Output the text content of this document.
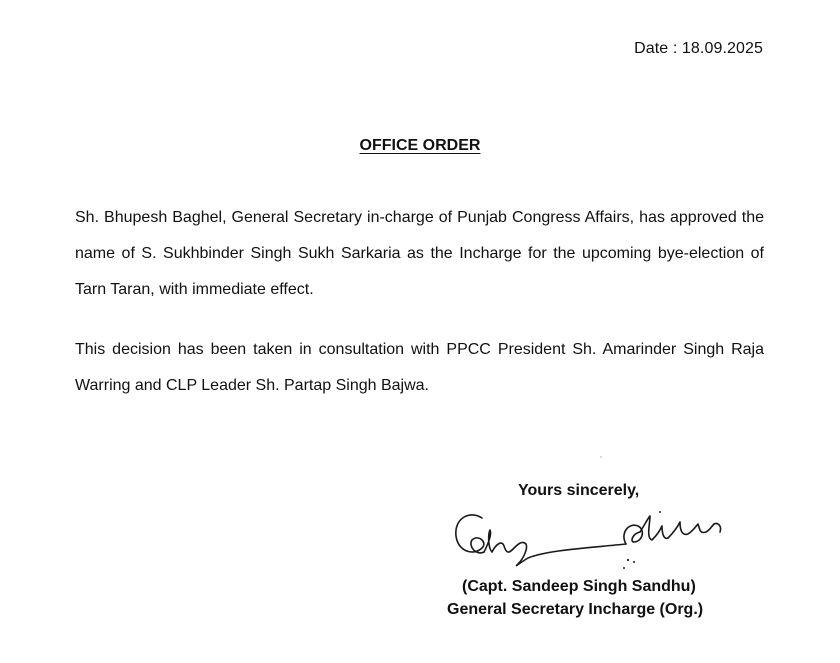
Date : 18.09.2025
OFFICE ORDER

Sh. Bhupesh Baghel, General Secretary in-charge of Punjab Congress Affairs, has approved the name of S. Sukhbinder Singh Sukh Sarkaria as the Incharge for the upcoming bye-election of Tarn Taran, with immediate effect.

This decision has been taken in consultation with PPCC President Sh. Amarinder Singh Raja Warring and CLP Leader Sh. Partap Singh Bajwa.

Yours sincerely,
(Capt. Sandeep Singh Sandhu)
General Secretary Incharge (Org.)
